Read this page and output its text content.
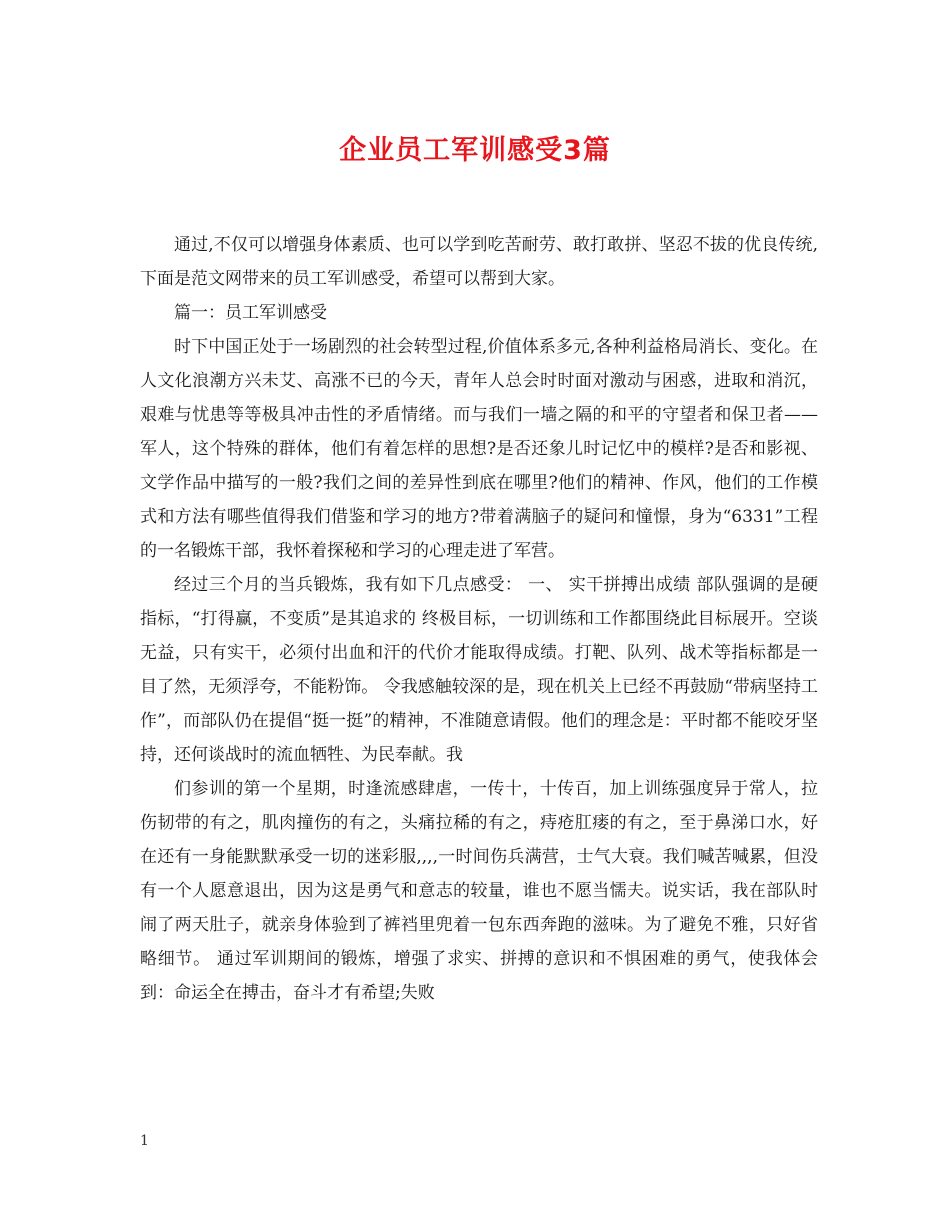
企业员工军训感受3篇

通过,不仅可以增强身体素质、也可以学到吃苦耐劳、敢打敢拼、坚忍不拔的优良传统,下面是范文网带来的员工军训感受，希望可以帮到大家。

篇一：员工军训感受

时下中国正处于一场剧烈的社会转型过程,价值体系多元,各种利益格局消长、变化。在人文化浪潮方兴未艾、高涨不已的今天，青年人总会时时面对激动与困惑，进取和消沉，艰难与忧患等等极具冲击性的矛盾情绪。而与我们一墙之隔的和平的守望者和保卫者——军人，这个特殊的群体，他们有着怎样的思想?是否还象儿时记忆中的模样?是否和影视、文学作品中描写的一般?我们之间的差异性到底在哪里?他们的精神、作风，他们的工作模式和方法有哪些值得我们借鉴和学习的地方?带着满脑子的疑问和憧憬，身为“6331”工程的一名锻炼干部，我怀着探秘和学习的心理走进了军营。

经过三个月的当兵锻炼，我有如下几点感受： 一、 实干拼搏出成绩 部队强调的是硬指标，“打得赢，不变质”是其追求的 终极目标，一切训练和工作都围绕此目标展开。空谈无益，只有实干，必须付出血和汗的代价才能取得成绩。打靶、队列、战术等指标都是一目了然，无须浮夸，不能粉饰。 令我感触较深的是，现在机关上已经不再鼓励“带病坚持工作”，而部队仍在提倡“挺一挺”的精神，不准随意请假。他们的理念是：平时都不能咬牙坚持，还何谈战时的流血牺牲、为民奉献。我

们参训的第一个星期，时逢流感肆虐，一传十，十传百，加上训练强度异于常人，拉伤韧带的有之，肌肉撞伤的有之，头痛拉稀的有之，痔疮肛瘘的有之，至于鼻涕口水，好在还有一身能默默承受一切的迷彩服,,,,一时间伤兵满营，士气大衰。我们喊苦喊累，但没有一个人愿意退出，因为这是勇气和意志的较量，谁也不愿当懦夫。说实话，我在部队时闹了两天肚子，就亲身体验到了裤裆里兜着一包东西奔跑的滋味。为了避免不雅，只好省略细节。 通过军训期间的锻炼，增强了求实、拼搏的意识和不惧困难的勇气，使我体会到：命运全在搏击，奋斗才有希望;失败

1
